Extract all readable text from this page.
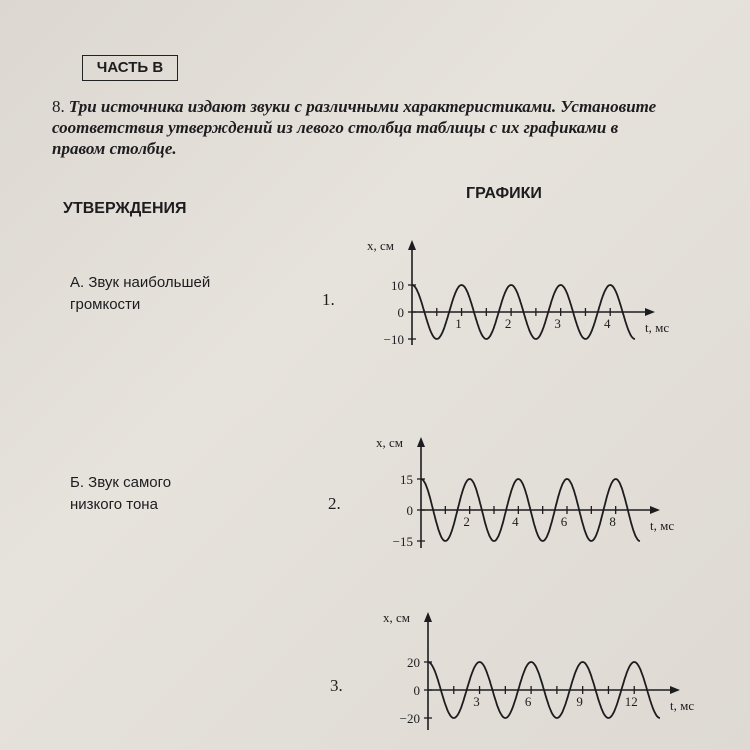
ЧАСТЬ В
8. Три источника издают звуки с различными характеристиками. Установите соответствия утверждений из левого столбца таблицы с их графиками в правом столбце.
УТВЕРЖДЕНИЯ
ГРАФИКИ
А. Звук наибольшей
громкости
Б. Звук самого
низкого тона
1.
2.
3.
x, см
t, мс
10
0
−10
1	2	3	4
x, см
t, мс
15
0
−15
2	4	6	8
x, см
t, мс
20
0
−20
3	6	9	12
